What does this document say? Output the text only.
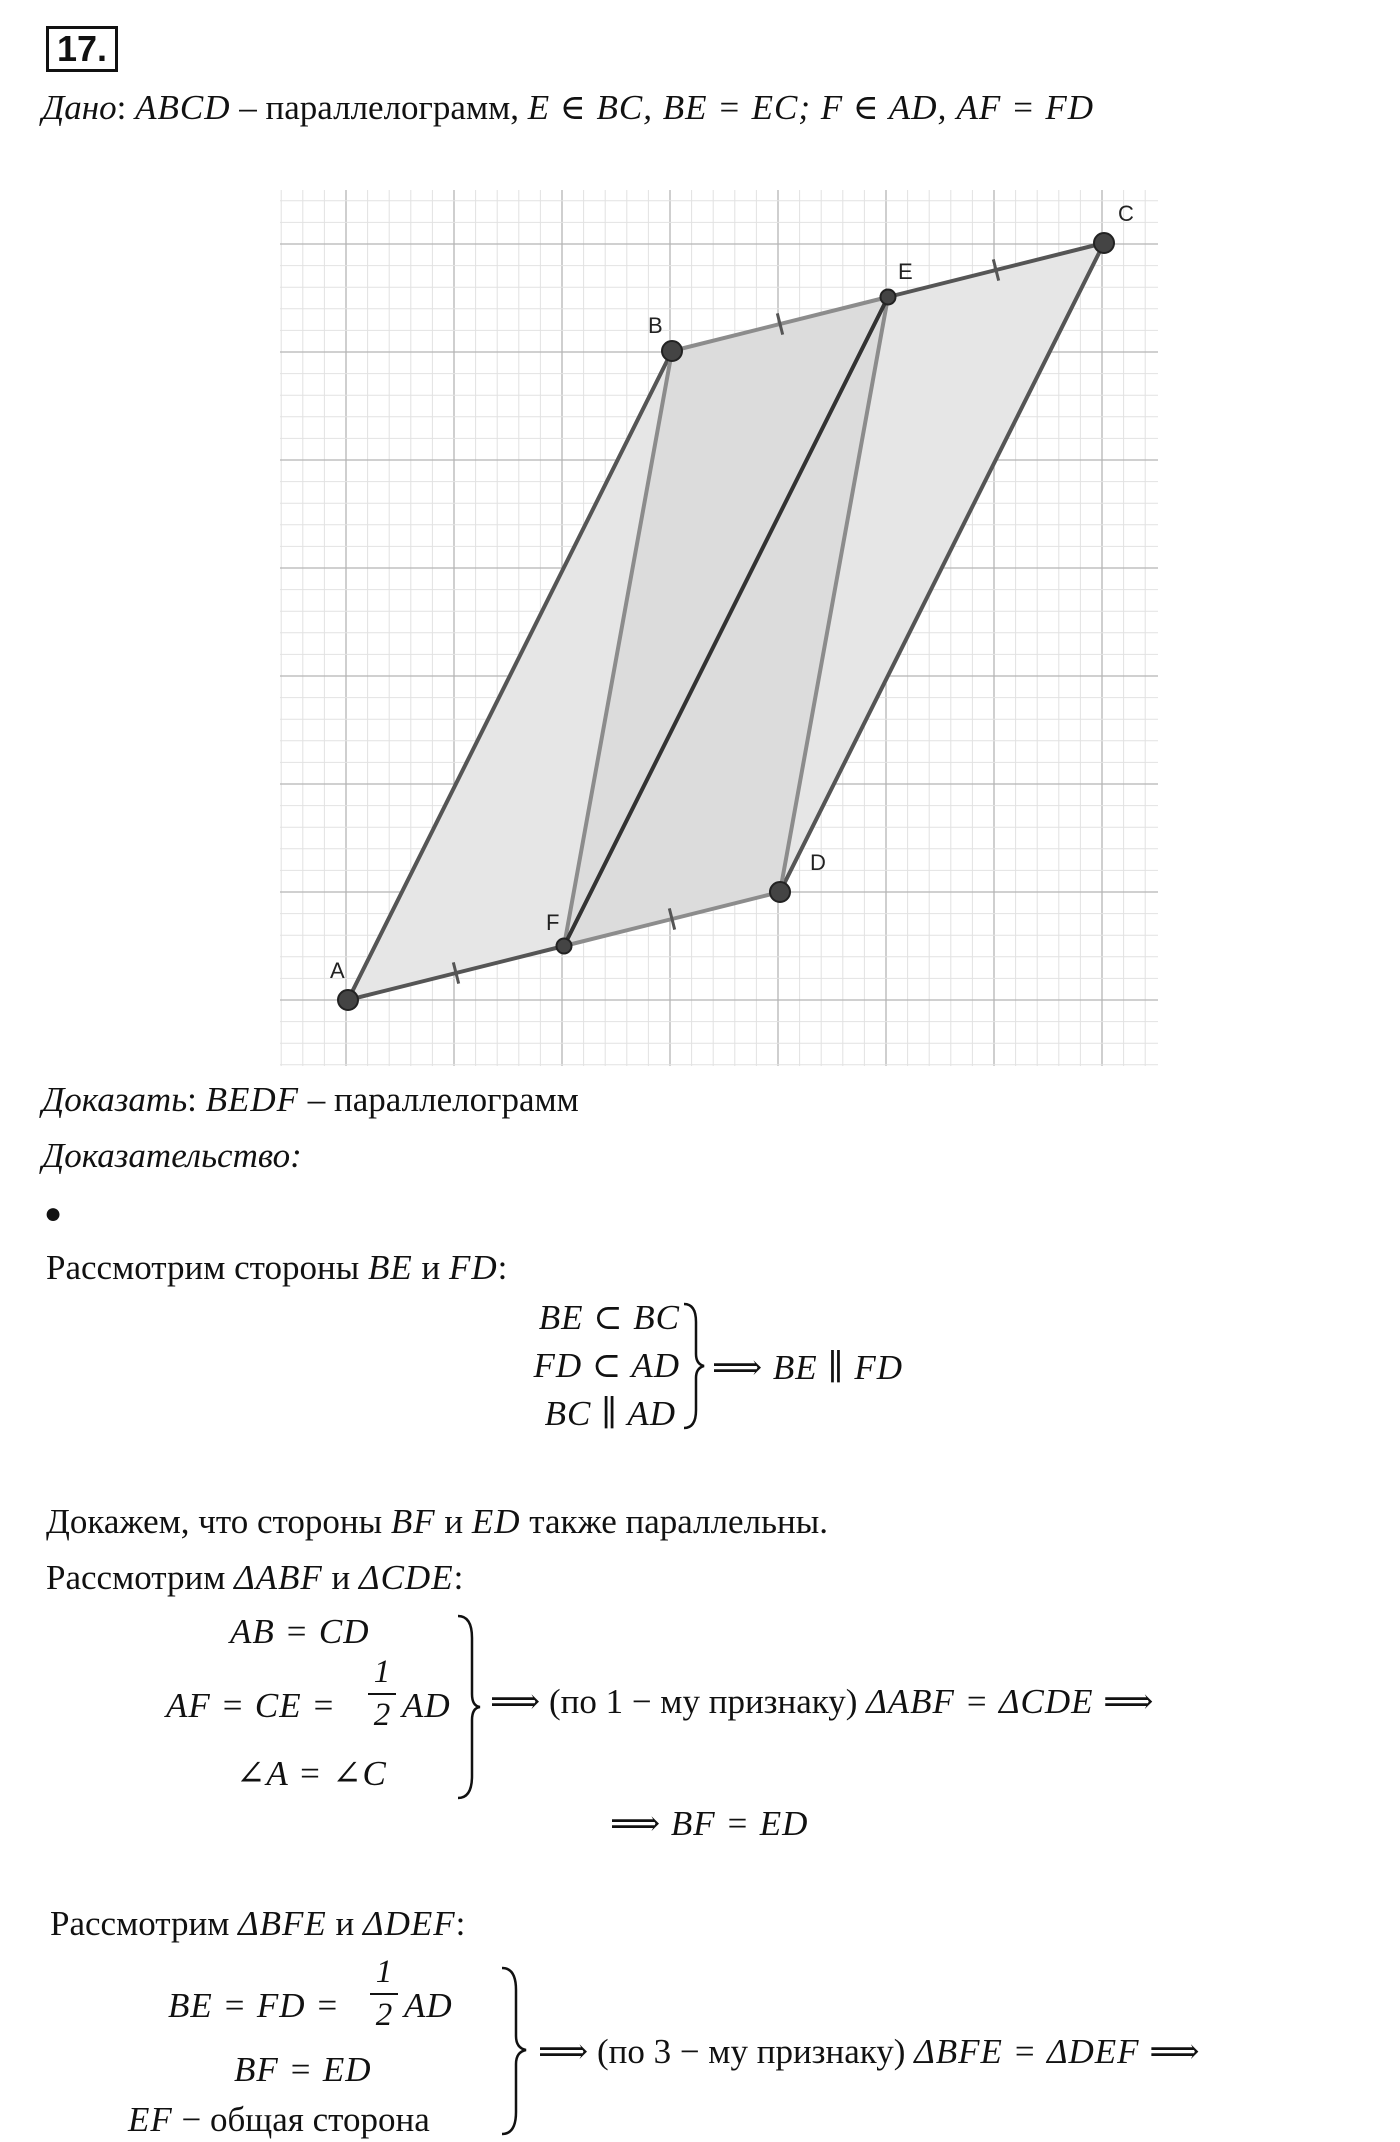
17.
Дано: ABCD – параллелограмм, E ∈ BC, BE = EC; F ∈ AD, AF = FD
A
B
C
D
E
F
Доказать: BEDF – параллелограмм
Доказательство:
●
Рассмотрим стороны BE и FD:
BE ⊂ BC
FD ⊂ AD
BC ∥ AD
⟹ BE ∥ FD
Докажем, что стороны BF и ED также параллельны.
Рассмотрим ΔABF и ΔCDE:
AB = CD
AF = CE =
1
2 AD
∠A = ∠C
⟹ (по 1 − му признаку) ΔABF = ΔCDE ⟹
⟹ BF = ED
Рассмотрим ΔBFE и ΔDEF:
BE = FD =
1
2 AD
BF = ED
EF − общая сторона
⟹ (по 3 − му признаку) ΔBFE = ΔDEF ⟹
